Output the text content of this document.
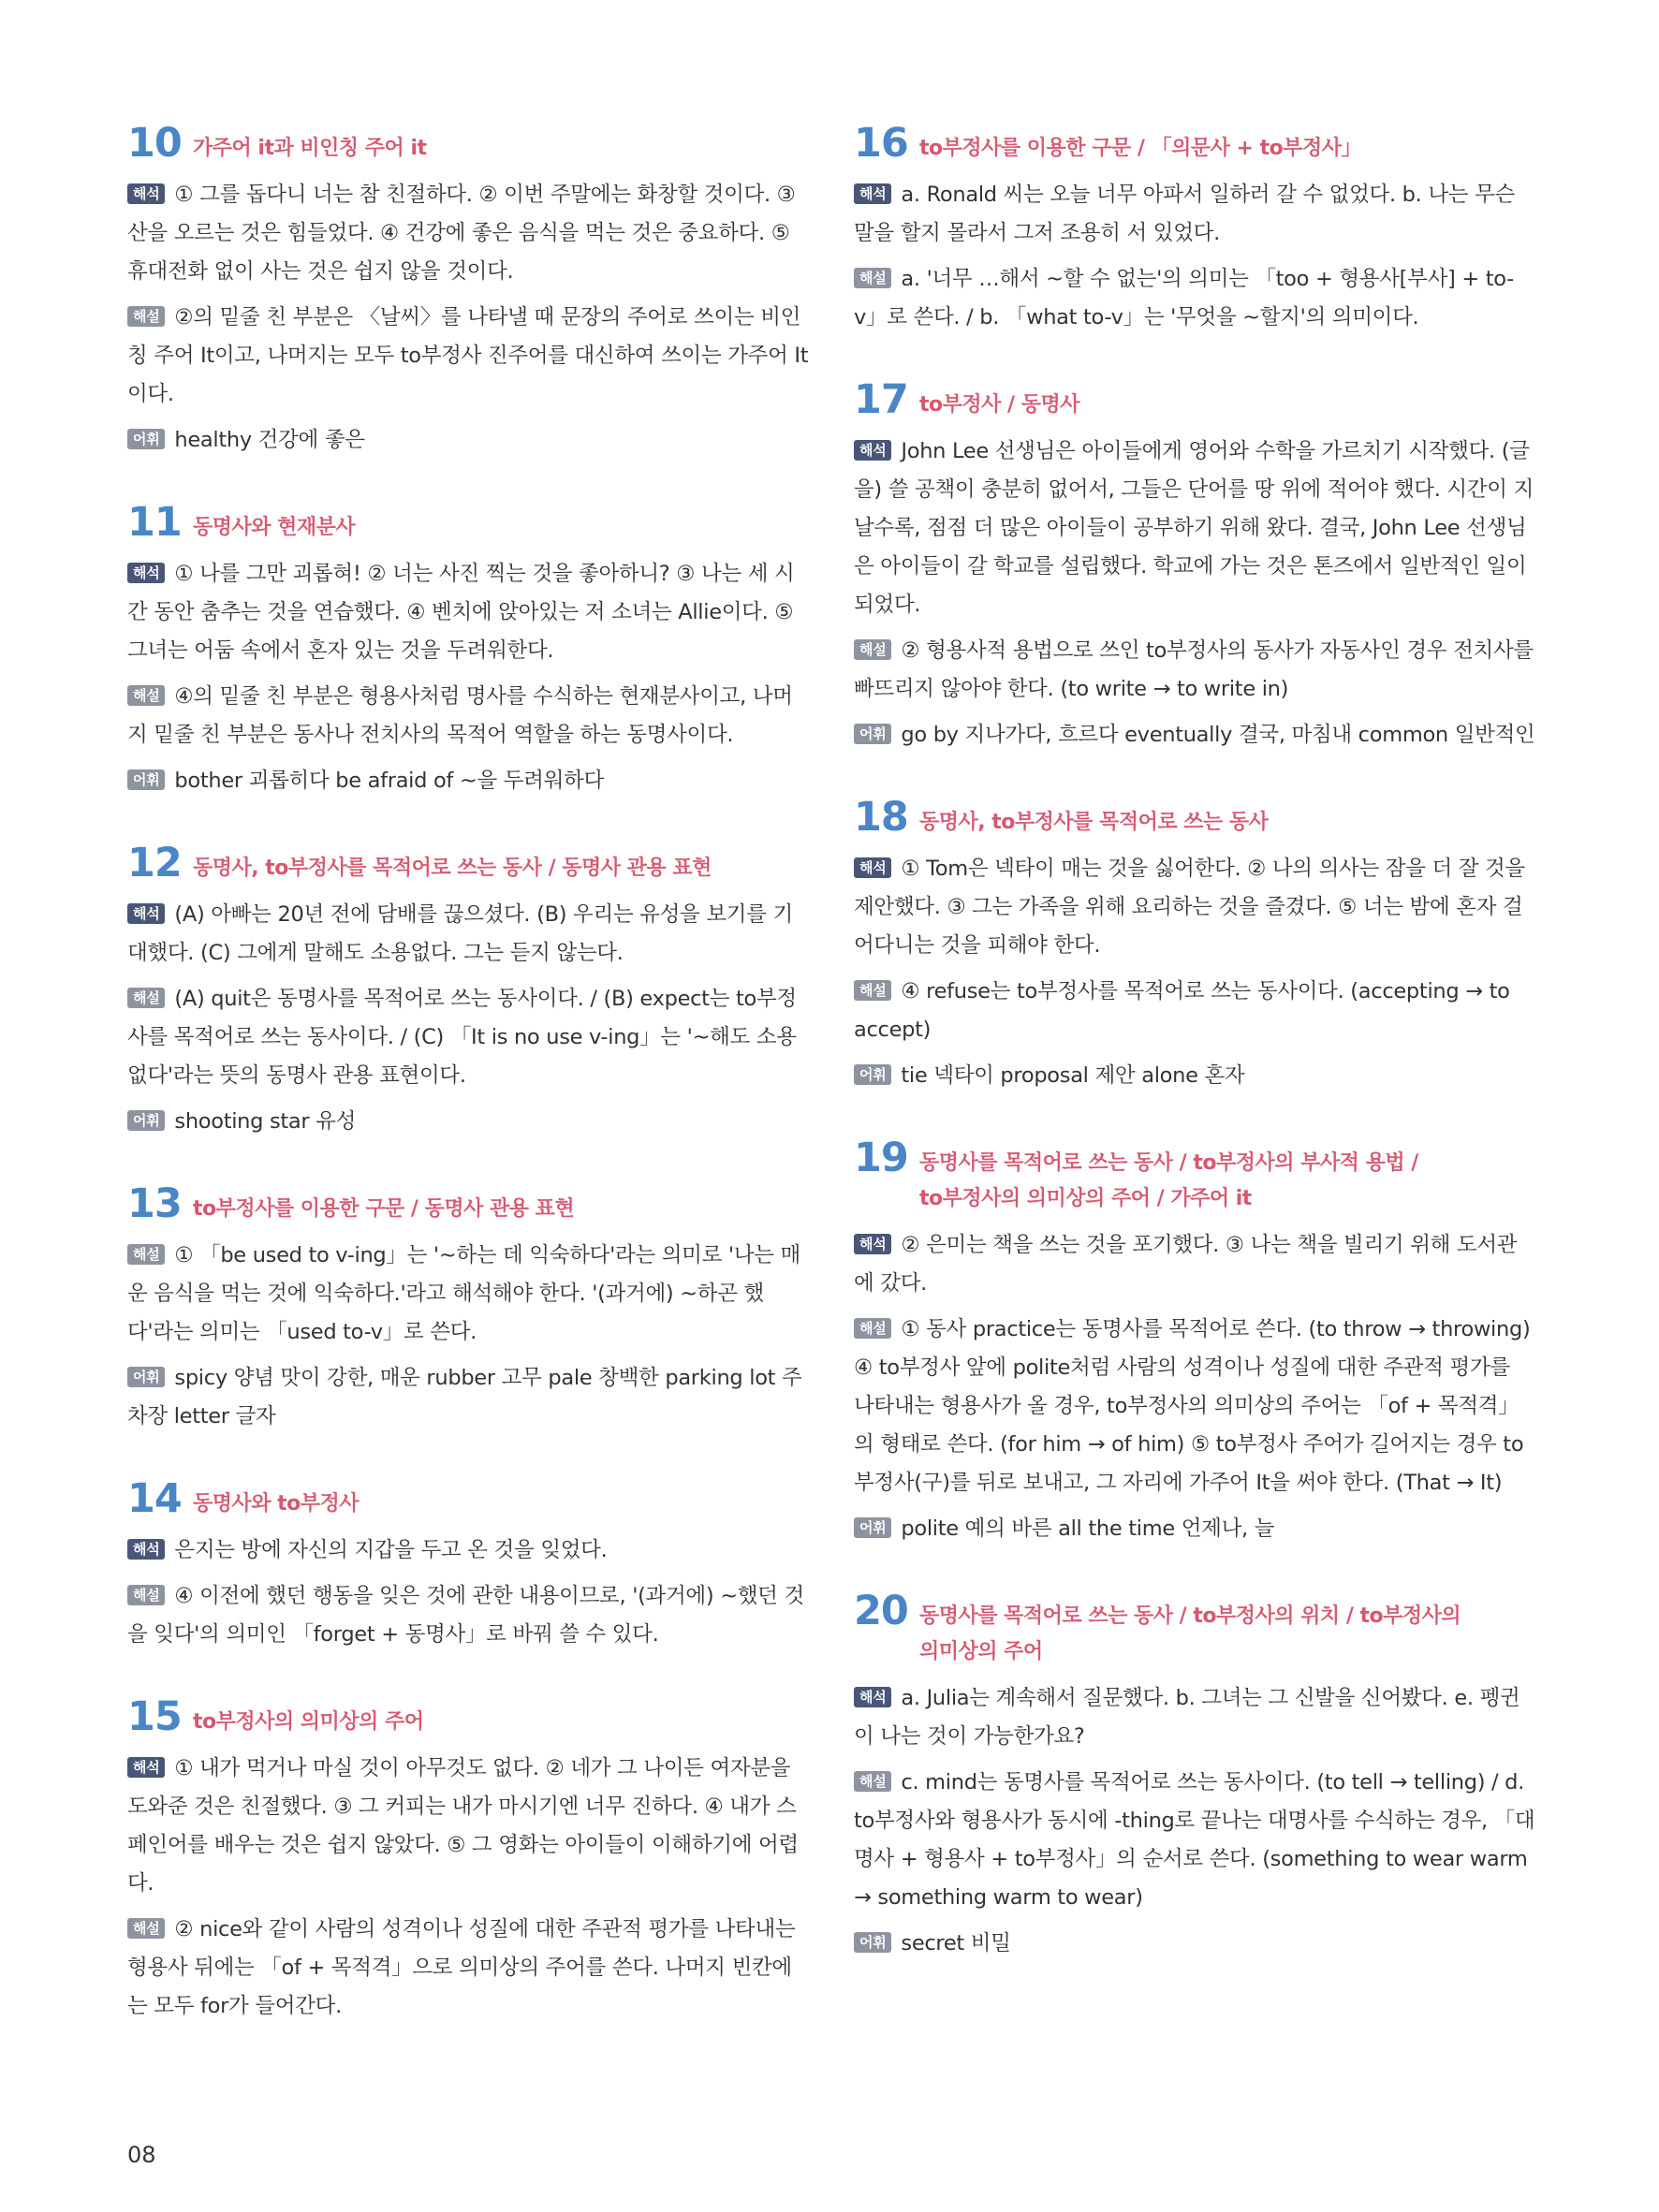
10 가주어 it과 비인칭 주어 it

해석 ① 그를 돕다니 너는 참 친절하다. ② 이번 주말에는 화창할 것이다. ③ 산을 오르는 것은 힘들었다. ④ 건강에 좋은 음식을 먹는 것은 중요하다. ⑤ 휴대전화 없이 사는 것은 쉽지 않을 것이다.

해설 ②의 밑줄 친 부분은 〈날씨〉를 나타낼 때 문장의 주어로 쓰이는 비인칭 주어 It이고, 나머지는 모두 to부정사 진주어를 대신하여 쓰이는 가주어 It이다.

어휘 healthy 건강에 좋은

11 동명사와 현재분사

해석 ① 나를 그만 괴롭혀! ② 너는 사진 찍는 것을 좋아하니? ③ 나는 세 시간 동안 춤추는 것을 연습했다. ④ 벤치에 앉아있는 저 소녀는 Allie이다. ⑤ 그녀는 어둠 속에서 혼자 있는 것을 두려워한다.

해설 ④의 밑줄 친 부분은 형용사처럼 명사를 수식하는 현재분사이고, 나머지 밑줄 친 부분은 동사나 전치사의 목적어 역할을 하는 동명사이다.

어휘 bother 괴롭히다 be afraid of ~을 두려워하다

12 동명사, to부정사를 목적어로 쓰는 동사 / 동명사 관용 표현

해석 (A) 아빠는 20년 전에 담배를 끊으셨다. (B) 우리는 유성을 보기를 기대했다. (C) 그에게 말해도 소용없다. 그는 듣지 않는다.

해설 (A) quit은 동명사를 목적어로 쓰는 동사이다. / (B) expect는 to부정사를 목적어로 쓰는 동사이다. / (C) 「It is no use v-ing」는 '~해도 소용없다'라는 뜻의 동명사 관용 표현이다.

어휘 shooting star 유성

13 to부정사를 이용한 구문 / 동명사 관용 표현

해설 ① 「be used to v-ing」는 '~하는 데 익숙하다'라는 의미로 '나는 매운 음식을 먹는 것에 익숙하다.'라고 해석해야 한다. '(과거에) ~하곤 했다'라는 의미는 「used to-v」로 쓴다.

어휘 spicy 양념 맛이 강한, 매운 rubber 고무 pale 창백한 parking lot 주차장 letter 글자

14 동명사와 to부정사

해석 은지는 방에 자신의 지갑을 두고 온 것을 잊었다.

해설 ④ 이전에 했던 행동을 잊은 것에 관한 내용이므로, '(과거에) ~했던 것을 잊다'의 의미인 「forget + 동명사」로 바꿔 쓸 수 있다.

15 to부정사의 의미상의 주어

해석 ① 내가 먹거나 마실 것이 아무것도 없다. ② 네가 그 나이든 여자분을 도와준 것은 친절했다. ③ 그 커피는 내가 마시기엔 너무 진하다. ④ 내가 스페인어를 배우는 것은 쉽지 않았다. ⑤ 그 영화는 아이들이 이해하기에 어렵다.

해설 ② nice와 같이 사람의 성격이나 성질에 대한 주관적 평가를 나타내는 형용사 뒤에는 「of + 목적격」으로 의미상의 주어를 쓴다. 나머지 빈칸에는 모두 for가 들어간다.

16 to부정사를 이용한 구문 / 「의문사 + to부정사」

해석 a. Ronald 씨는 오늘 너무 아파서 일하러 갈 수 없었다. b. 나는 무슨 말을 할지 몰라서 그저 조용히 서 있었다.

해설 a. '너무 …해서 ~할 수 없는'의 의미는 「too + 형용사[부사] + to-v」로 쓴다. / b. 「what to-v」는 '무엇을 ~할지'의 의미이다.

17 to부정사 / 동명사

해석 John Lee 선생님은 아이들에게 영어와 수학을 가르치기 시작했다. (글을) 쓸 공책이 충분히 없어서, 그들은 단어를 땅 위에 적어야 했다. 시간이 지날수록, 점점 더 많은 아이들이 공부하기 위해 왔다. 결국, John Lee 선생님은 아이들이 갈 학교를 설립했다. 학교에 가는 것은 톤즈에서 일반적인 일이 되었다.

해설 ② 형용사적 용법으로 쓰인 to부정사의 동사가 자동사인 경우 전치사를 빠뜨리지 않아야 한다. (to write → to write in)

어휘 go by 지나가다, 흐르다 eventually 결국, 마침내 common 일반적인

18 동명사, to부정사를 목적어로 쓰는 동사

해석 ① Tom은 넥타이 매는 것을 싫어한다. ② 나의 의사는 잠을 더 잘 것을 제안했다. ③ 그는 가족을 위해 요리하는 것을 즐겼다. ⑤ 너는 밤에 혼자 걸어다니는 것을 피해야 한다.

해설 ④ refuse는 to부정사를 목적어로 쓰는 동사이다. (accepting → to accept)

어휘 tie 넥타이 proposal 제안 alone 혼자

19 동명사를 목적어로 쓰는 동사 / to부정사의 부사적 용법 /
to부정사의 의미상의 주어 / 가주어 it

해석 ② 은미는 책을 쓰는 것을 포기했다. ③ 나는 책을 빌리기 위해 도서관에 갔다.

해설 ① 동사 practice는 동명사를 목적어로 쓴다. (to throw → throwing) ④ to부정사 앞에 polite처럼 사람의 성격이나 성질에 대한 주관적 평가를 나타내는 형용사가 올 경우, to부정사의 의미상의 주어는 「of + 목적격」의 형태로 쓴다. (for him → of him) ⑤ to부정사 주어가 길어지는 경우 to부정사(구)를 뒤로 보내고, 그 자리에 가주어 It을 써야 한다. (That → It)

어휘 polite 예의 바른 all the time 언제나, 늘

20 동명사를 목적어로 쓰는 동사 / to부정사의 위치 / to부정사의
의미상의 주어

해석 a. Julia는 계속해서 질문했다. b. 그녀는 그 신발을 신어봤다. e. 펭귄이 나는 것이 가능한가요?

해설 c. mind는 동명사를 목적어로 쓰는 동사이다. (to tell → telling) / d. to부정사와 형용사가 동시에 -thing로 끝나는 대명사를 수식하는 경우, 「대명사 + 형용사 + to부정사」의 순서로 쓴다. (something to wear warm → something warm to wear)

어휘 secret 비밀

08
